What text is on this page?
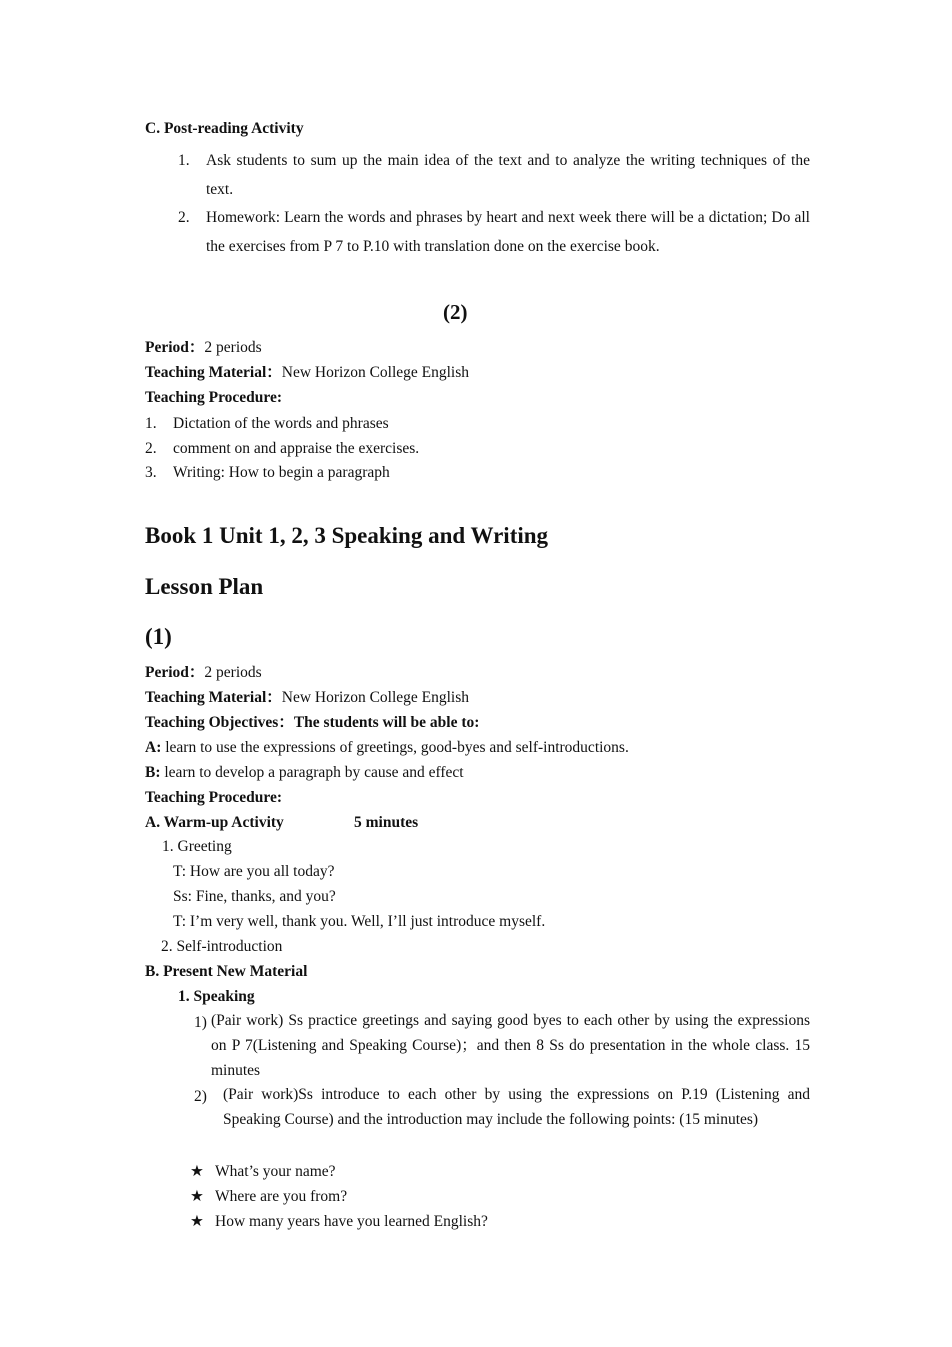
C. Post-reading Activity
1. Ask students to sum up the main idea of the text and to analyze the writing techniques of the text.
2. Homework: Learn the words and phrases by heart and next week there will be a dictation; Do all the exercises from P 7 to P.10 with translation done on the exercise book.
(2)
Period：2 periods
Teaching Material：New Horizon College English
Teaching Procedure:
1. Dictation of the words and phrases
2. comment on and appraise the exercises.
3. Writing: How to begin a paragraph
Book 1 Unit 1, 2, 3 Speaking and Writing
Lesson Plan
(1)
Period：2 periods
Teaching Material：New Horizon College English
Teaching Objectives：The students will be able to:
A: learn to use the expressions of greetings, good-byes and self-introductions.
B: learn to develop a paragraph by cause and effect
Teaching Procedure:
A. Warm-up Activity	5 minutes
1. Greeting
T: How are you all today?
Ss: Fine, thanks, and you?
T: I’m very well, thank you. Well, I’ll just introduce myself.
2. Self-introduction
B. Present New Material
1. Speaking
1) (Pair work) Ss practice greetings and saying good byes to each other by using the expressions on P 7(Listening and Speaking Course)；and then 8 Ss do presentation in the whole class. 15 minutes
2) (Pair work)Ss introduce to each other by using the expressions on P.19 (Listening and Speaking Course) and the introduction may include the following points: (15 minutes)
★ What’s your name?
★ Where are you from?
★ How many years have you learned English?
